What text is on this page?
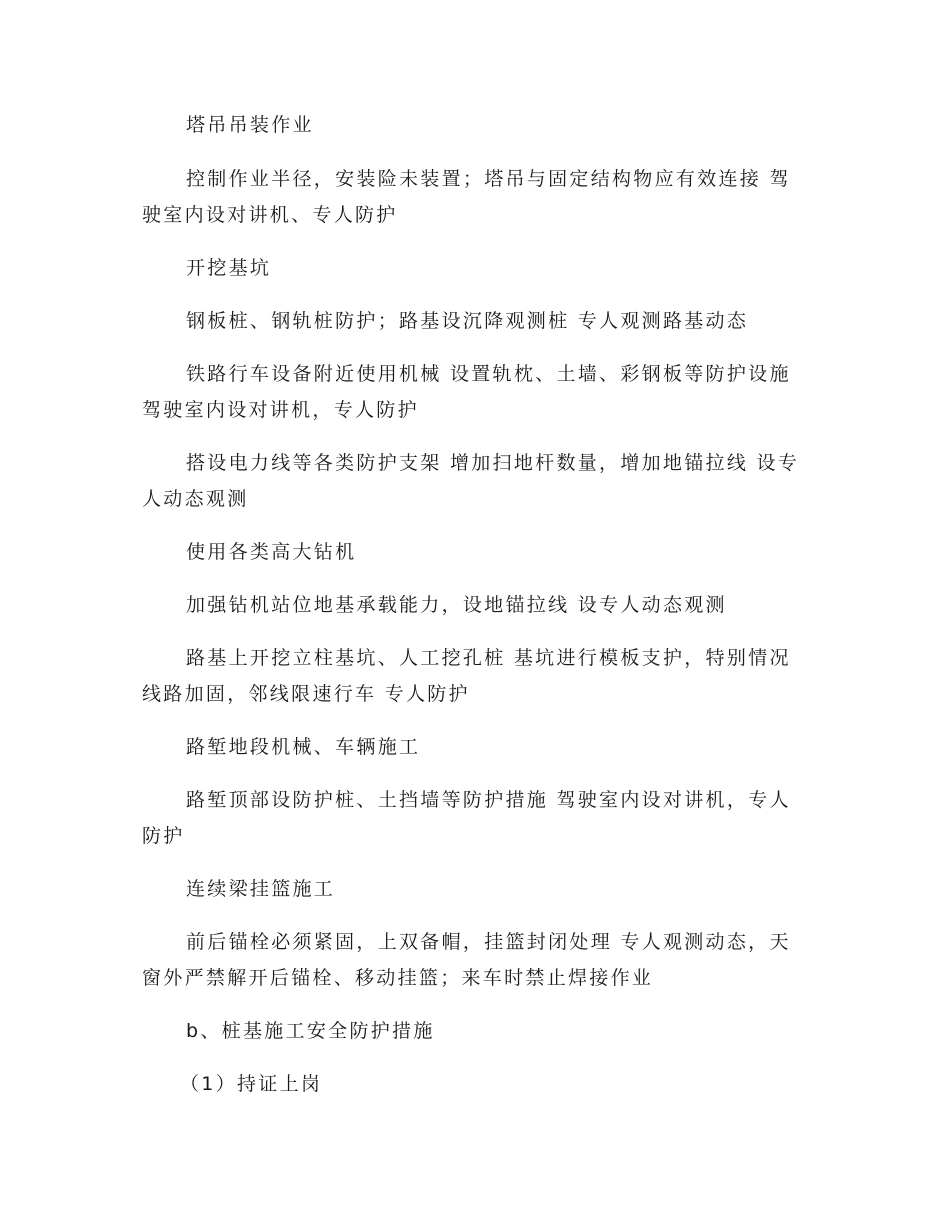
塔吊吊装作业

控制作业半径，安装险未装置；塔吊与固定结构物应有效连接 驾驶室内设对讲机、专人防护

开挖基坑

钢板桩、钢轨桩防护；路基设沉降观测桩 专人观测路基动态

铁路行车设备附近使用机械 设置轨枕、土墙、彩钢板等防护设施 驾驶室内设对讲机，专人防护

搭设电力线等各类防护支架 增加扫地杆数量，增加地锚拉线 设专人动态观测

使用各类高大钻机

加强钻机站位地基承载能力，设地锚拉线 设专人动态观测

路基上开挖立柱基坑、人工挖孔桩 基坑进行模板支护，特别情况线路加固，邻线限速行车 专人防护

路堑地段机械、车辆施工

路堑顶部设防护桩、土挡墙等防护措施 驾驶室内设对讲机，专人防护

连续梁挂篮施工

前后锚栓必须紧固，上双备帽，挂篮封闭处理 专人观测动态，天窗外严禁解开后锚栓、移动挂篮；来车时禁止焊接作业

b、桩基施工安全防护措施

（1）持证上岗
